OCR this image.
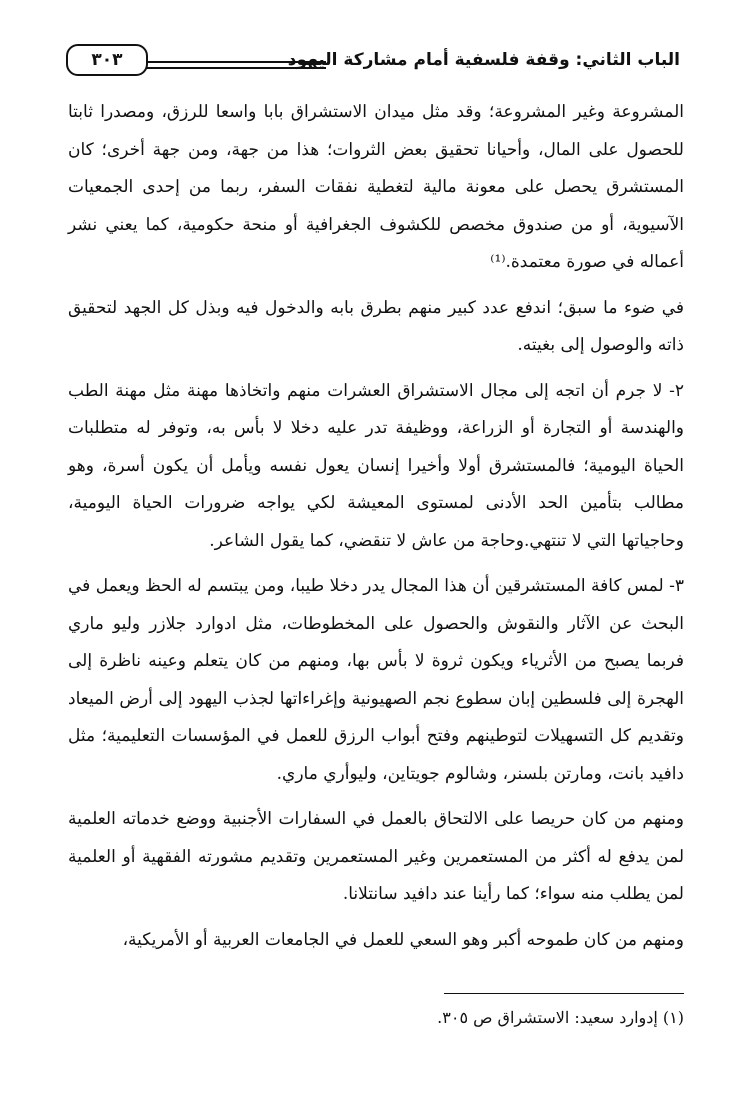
الباب الثاني: وقفة فلسفية أمام مشاركة اليهود
٣٠٣

المشروعة وغير المشروعة؛ وقد مثل ميدان الاستشراق بابا واسعا للرزق، ومصدرا ثابتا للحصول على المال، وأحيانا تحقيق بعض الثروات؛ هذا من جهة، ومن جهة أخرى؛ كان المستشرق يحصل على معونة مالية لتغطية نفقات السفر، ربما من إحدى الجمعيات الآسيوية، أو من صندوق مخصص للكشوف الجغرافية أو منحة حكومية، كما يعني نشر أعماله في صورة معتمدة.⁽¹⁾

في ضوء ما سبق؛ اندفع عدد كبير منهم بطرق بابه والدخول فيه وبذل كل الجهد لتحقيق ذاته والوصول إلى بغيته.

٢- لا جرم أن اتجه إلى مجال الاستشراق العشرات منهم واتخاذها مهنة مثل مهنة الطب والهندسة أو التجارة أو الزراعة، ووظيفة تدر عليه دخلا لا بأس به، وتوفر له متطلبات الحياة اليومية؛ فالمستشرق أولا وأخيرا إنسان يعول نفسه ويأمل أن يكون أسرة، وهو مطالب بتأمين الحد الأدنى لمستوى المعيشة لكي يواجه ضرورات الحياة اليومية، وحاجياتها التي لا تنتهي.وحاجة من عاش لا تنقضي، كما يقول الشاعر.

٣- لمس كافة المستشرقين أن هذا المجال يدر دخلا طيبا، ومن يبتسم له الحظ ويعمل في البحث عن الآثار والنقوش والحصول على المخطوطات، مثل ادوارد جلازر وليو ماري فربما يصبح من الأثرياء ويكون ثروة لا بأس بها، ومنهم من كان يتعلم وعينه ناظرة إلى الهجرة إلى فلسطين إبان سطوع نجم الصهيونية وإغراءاتها لجذب اليهود إلى أرض الميعاد وتقديم كل التسهيلات لتوطينهم وفتح أبواب الرزق للعمل في المؤسسات التعليمية؛ مثل دافيد بانت، ومارتن بلسنر، وشالوم جويتاين، وليوأري ماري.

ومنهم من كان حريصا على الالتحاق بالعمل في السفارات الأجنبية ووضع خدماته العلمية لمن يدفع له أكثر من المستعمرين وغير المستعمرين وتقديم مشورته الفقهية أو العلمية لمن يطلب منه سواء؛ كما رأينا عند دافيد سانتلانا.

ومنهم من كان طموحه أكبر وهو السعي للعمل في الجامعات العربية أو الأمريكية،

(١) إدوارد سعيد: الاستشراق ص ٣٠٥.
